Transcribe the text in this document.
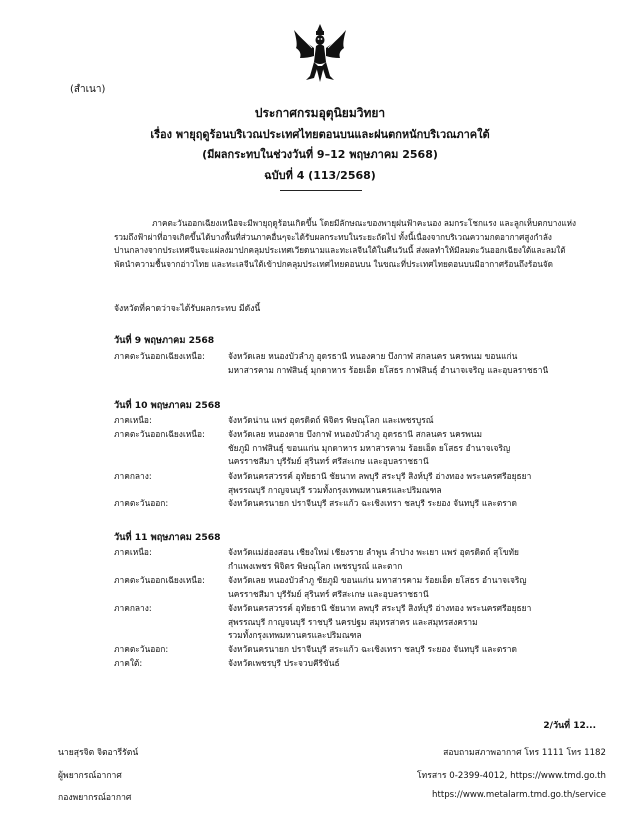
(สำเนา)
ประกาศกรมอุตุนิยมวิทยา
เรื่อง พายุฤดูร้อนบริเวณประเทศไทยตอนบนและฝนตกหนักบริเวณภาคใต้
(มีผลกระทบในช่วงวันที่ 9–12 พฤษภาคม 2568)
ฉบับที่ 4 (113/2568)
ภาคตะวันออกเฉียงเหนือจะมีพายุฤดูร้อนเกิดขึ้น โดยมีลักษณะของพายุฝนฟ้าคะนอง ลมกระโชกแรง และลูกเห็บตกบางแห่ง
รวมถึงฟ้าผ่าที่อาจเกิดขึ้นได้บางพื้นที่ส่วนภาคอื่นๆจะได้รับผลกระทบในระยะถัดไป ทั้งนี้เนื่องจากบริเวณความกดอากาศสูงกำลัง
ปานกลางจากประเทศจีนจะแผ่ลงมาปกคลุมประเทศเวียดนามและทะเลจีนใต้ในคืนวันนี้ ส่งผลทำให้มีลมตะวันออกเฉียงใต้และลมใต้
พัดนำความชื้นจากอ่าวไทย และทะเลจีนใต้เข้าปกคลุมประเทศไทยตอนบน ในขณะที่ประเทศไทยตอนบนมีอากาศร้อนถึงร้อนจัด
จังหวัดที่คาดว่าจะได้รับผลกระทบ มีดังนี้
วันที่ 9 พฤษภาคม 2568
ภาคตะวันออกเฉียงเหนือ:	จังหวัดเลย หนองบัวลำภู อุดรธานี หนองคาย บึงกาฬ สกลนคร นครพนม ขอนแก่น
มหาสารคาม กาฬสินธุ์ มุกดาหาร ร้อยเอ็ด ยโสธร กาฬสินธุ์ อำนาจเจริญ และอุบลราชธานี
วันที่ 10 พฤษภาคม 2568
ภาคเหนือ:	จังหวัดน่าน แพร่ อุตรดิตถ์ พิจิตร พิษณุโลก และเพชรบูรณ์
ภาคตะวันออกเฉียงเหนือ:	จังหวัดเลย หนองคาย บึงกาฬ หนองบัวลำภู อุดรธานี สกลนคร นครพนม
ชัยภูมิ กาฬสินธุ์ ขอนแก่น มุกดาหาร มหาสารคาม ร้อยเอ็ด ยโสธร อำนาจเจริญ
นครราชสีมา บุรีรัมย์ สุรินทร์ ศรีสะเกษ และอุบลราชธานี
ภาคกลาง:	จังหวัดนครสวรรค์ อุทัยธานี ชัยนาท ลพบุรี สระบุรี สิงห์บุรี อ่างทอง พระนครศรีอยุธยา
สุพรรณบุรี กาญจนบุรี รวมทั้งกรุงเทพมหานครและปริมณฑล
ภาคตะวันออก:	จังหวัดนครนายก ปราจีนบุรี สระแก้ว ฉะเชิงเทรา ชลบุรี ระยอง จันทบุรี และตราด
วันที่ 11 พฤษภาคม 2568
ภาคเหนือ:	จังหวัดแม่ฮ่องสอน เชียงใหม่ เชียงราย ลำพูน ลำปาง พะเยา แพร่ อุตรดิตถ์ สุโขทัย
กำแพงเพชร พิจิตร พิษณุโลก เพชรบูรณ์ และตาก
ภาคตะวันออกเฉียงเหนือ:	จังหวัดเลย หนองบัวลำภู ชัยภูมิ ขอนแก่น มหาสารคาม ร้อยเอ็ด ยโสธร อำนาจเจริญ
นครราชสีมา บุรีรัมย์ สุรินทร์ ศรีสะเกษ และอุบลราชธานี
ภาคกลาง:	จังหวัดนครสวรรค์ อุทัยธานี ชัยนาท ลพบุรี สระบุรี สิงห์บุรี อ่างทอง พระนครศรีอยุธยา
สุพรรณบุรี กาญจนบุรี ราชบุรี นครปฐม สมุทรสาคร และสมุทรสงคราม
รวมทั้งกรุงเทพมหานครและปริมณฑล
ภาคตะวันออก:	จังหวัดนครนายก ปราจีนบุรี สระแก้ว ฉะเชิงเทรา ชลบุรี ระยอง จันทบุรี และตราด
ภาคใต้:	จังหวัดเพชรบุรี ประจวบคีรีขันธ์
2/วันที่ 12...
นายสุรจิต จิตอารีรัตน์
ผู้พยากรณ์อากาศ
กองพยากรณ์อากาศ
สอบถามสภาพอากาศ โทร 1111 โทร 1182
โทรสาร 0-2399-4012, https://www.tmd.go.th
https://www.metalarm.tmd.go.th/service
